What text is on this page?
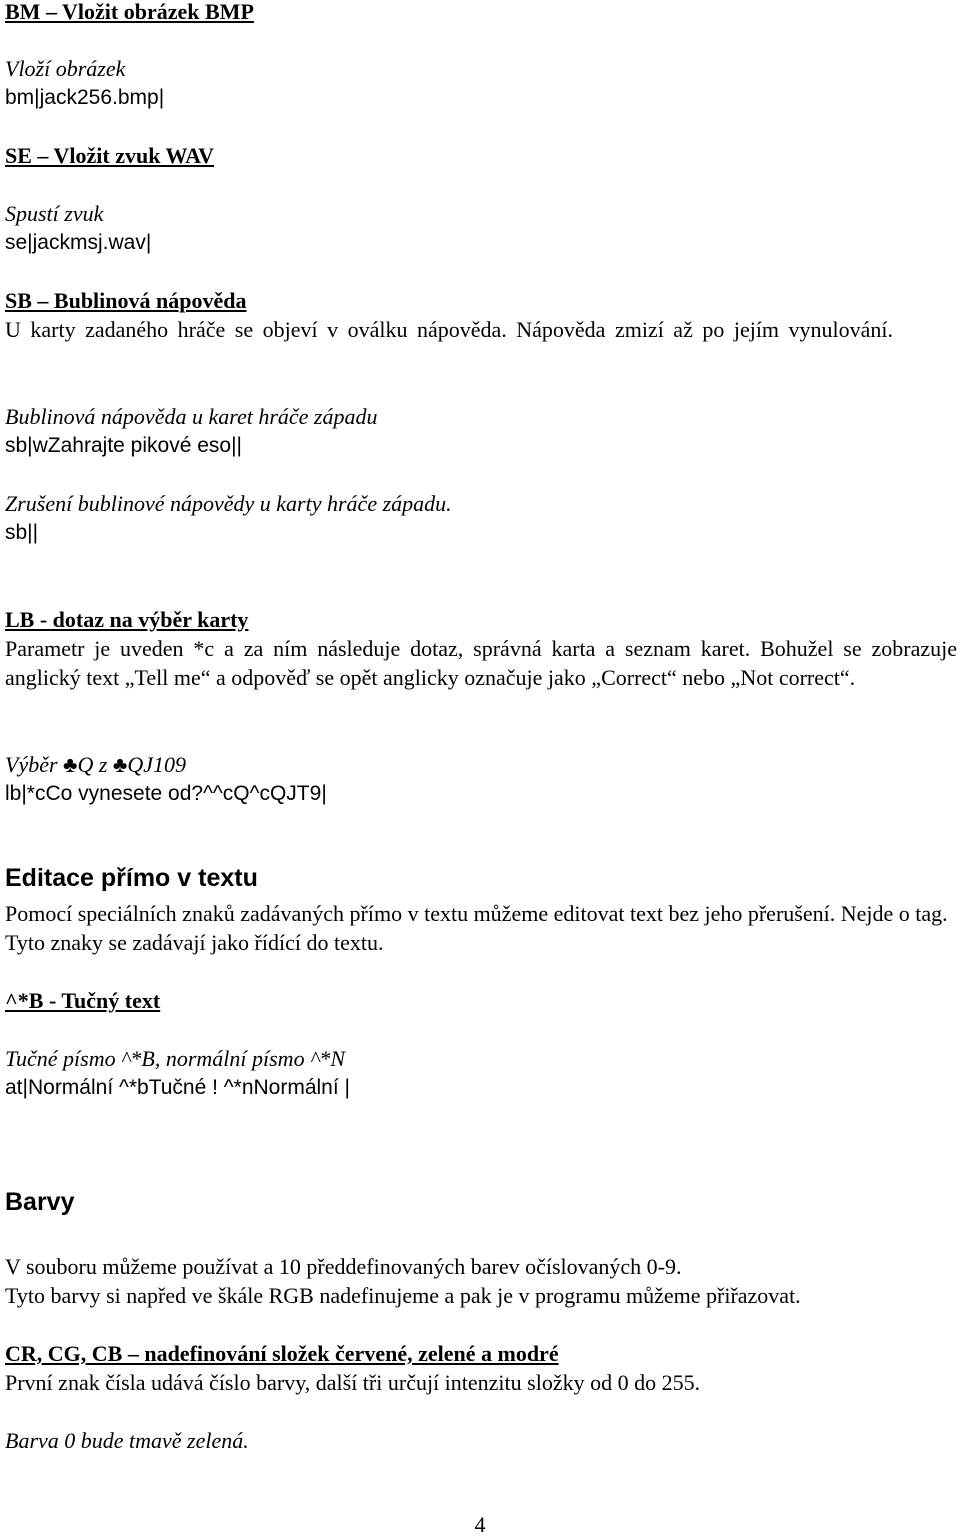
BM – Vložit obrázek BMP
Vloží obrázek
bm|jack256.bmp|
SE – Vložit zvuk WAV
Spustí zvuk
se|jackmsj.wav|
SB – Bublinová nápověda
U karty zadaného hráče se objeví v oválku nápověda. Nápověda zmizí až po jejím vynulování.
Bublinová nápověda u karet hráče západu
sb|wZahrajte pikové eso||
Zrušení bublinové nápovědy u karty hráče západu.
sb||
LB - dotaz na výběr karty
Parametr je uveden *c a za ním následuje dotaz, správná karta a seznam karet. Bohužel se zobrazuje anglický text „Tell me“ a odpověď se opět anglicky označuje jako „Correct“ nebo „Not correct“.
Výběr ♣Q z ♣QJ109
lb|*cCo vynesete od?^^cQ^cQJT9|
Editace přímo v textu
Pomocí speciálních znaků zadávaných přímo v textu můžeme editovat text bez jeho přerušení. Nejde o tag. Tyto znaky se zadávají jako řídící do textu.
^*B - Tučný text
Tučné písmo ^*B, normální písmo ^*N
at|Normální ^*bTučné ! ^*nNormální |
Barvy
V souboru můžeme používat a 10 předdefinovaných barev očíslovaných 0-9.
Tyto barvy si napřed ve škále RGB nadefinujeme a pak je v programu můžeme přiřazovat.
CR, CG, CB – nadefinování složek červené, zelené a modré
První znak čísla udává číslo barvy, další tři určují intenzitu složky od 0 do 255.
Barva 0 bude tmavě zelená.
4
